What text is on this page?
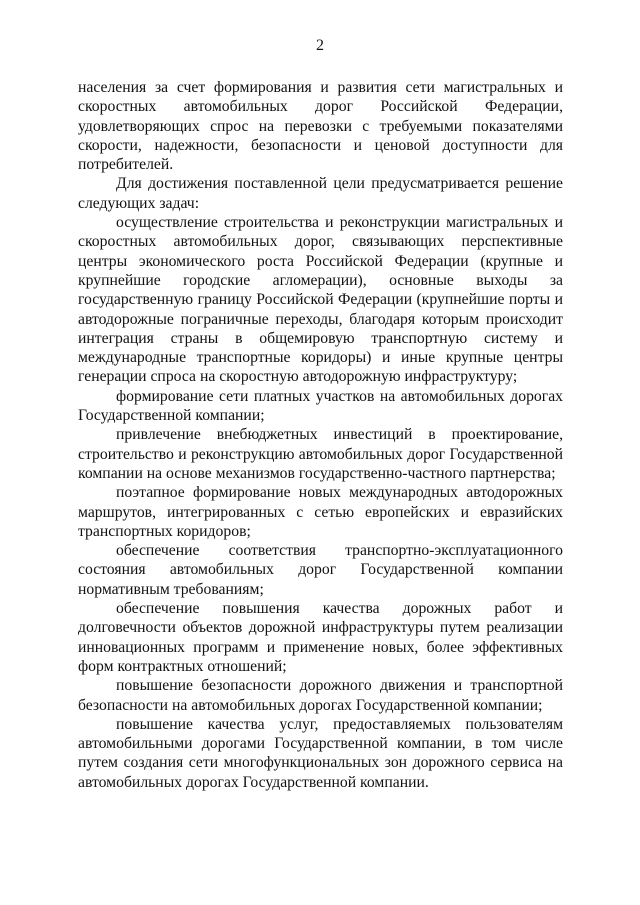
2

населения за счет формирования и развития сети магистральных и скоростных автомобильных дорог Российской Федерации, удовлетворяющих спрос на перевозки с требуемыми показателями скорости, надежности, безопасности и ценовой доступности для потребителей.

Для достижения поставленной цели предусматривается решение следующих задач:

осуществление строительства и реконструкции магистральных и скоростных автомобильных дорог, связывающих перспективные центры экономического роста Российской Федерации (крупные и крупнейшие городские агломерации), основные выходы за государственную границу Российской Федерации (крупнейшие порты и автодорожные пограничные переходы, благодаря которым происходит интеграция страны в общемировую транспортную систему и международные транспортные коридоры) и иные крупные центры генерации спроса на скоростную автодорожную инфраструктуру;

формирование сети платных участков на автомобильных дорогах Государственной компании;

привлечение внебюджетных инвестиций в проектирование, строительство и реконструкцию автомобильных дорог Государственной компании на основе механизмов государственно-частного партнерства;

поэтапное формирование новых международных автодорожных маршрутов, интегрированных с сетью европейских и евразийских транспортных коридоров;

обеспечение соответствия транспортно-эксплуатационного состояния автомобильных дорог Государственной компании нормативным требованиям;

обеспечение повышения качества дорожных работ и долговечности объектов дорожной инфраструктуры путем реализации инновационных программ и применение новых, более эффективных форм контрактных отношений;

повышение безопасности дорожного движения и транспортной безопасности на автомобильных дорогах Государственной компании;

повышение качества услуг, предоставляемых пользователям автомобильными дорогами Государственной компании, в том числе путем создания сети многофункциональных зон дорожного сервиса на автомобильных дорогах Государственной компании.
